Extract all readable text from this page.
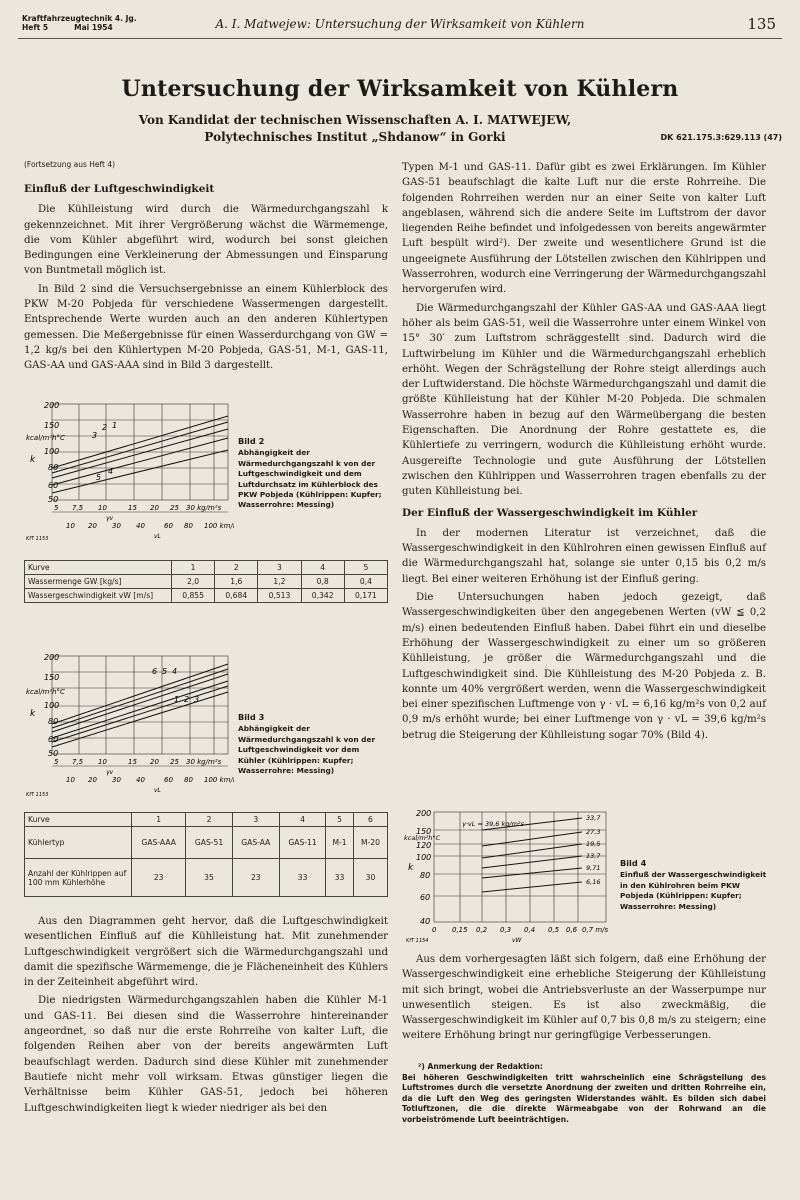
Kraftfahrzeugtechnik 4. Jg.
Heft 5          Mai 1954	A. I. Matwejew: Untersuchung der Wirksamkeit von Kühlern	135
Untersuchung der Wirksamkeit von Kühlern
Von Kandidat der technischen Wissenschaften A. I. MATWEJEW,
Polytechnisches Institut „Shdanow“ in Gorki	DK 621.175.3:629.113 (47)
(Fortsetzung aus Heft 4)
Einfluß der Luftgeschwindigkeit

Die Kühlleistung wird durch die Wärmedurchgangszahl k gekennzeichnet. Mit ihrer Vergrößerung wächst die Wärmemenge, die vom Kühler abgeführt wird, wodurch bei sonst gleichen Bedingungen eine Verkleinerung der Abmessungen und Einsparung von Buntmetall möglich ist.

In Bild 2 sind die Versuchsergebnisse an einem Kühlerblock des PKW M-20 Pobjeda für verschiedene Wassermengen dargestellt. Entsprechende Werte wurden auch an den anderen Kühlertypen gemessen. Die Meßergebnisse für einen Wasserdurchgang von GW = 1,2 kg/s bei den Kühlertypen M-20 Pobjeda, GAS-51, M-1, GAS-11, GAS-AA und GAS-AAA sind in Bild 3 dargestellt.

200
150
100
80
60
50
kcal/m²h°C
k
1
2
3
4
5
5 7,5 10	15 20 25 30 kg/m²s
γv
10 20 30 40	60 80 100 km/h
vL
KfT 1153
Bild 2
Abhängigkeit der Wärmedurchgangszahl k von der Luftgeschwindigkeit und dem Luftdurchsatz im Kühlerblock des PKW Pobjeda (Kühlrippen: Kupfer; Wasserrohre: Messing)
Kurve	1	2	3	4	5
Wassermenge GW [kg/s]	2,0	1,6	1,2	0,8	0,4
Wassergeschwindigkeit vW [m/s]	0,855	0,684	0,513	0,342	0,171
200
150
100
80
60
50
kcal/m²h°C
k
6 5 4
1 2 3
5 7,5 10	15 20 25 30 kg/m²s
γv
10 20 30 40	60 80 100 km/h
vL
KfT 1153
Bild 3
Abhängigkeit der Wärmedurchgangszahl k von der Luftgeschwindigkeit vor dem Kühler (Kühlrippen: Kupfer; Wasserrohre: Messing)
Kurve	1	2	3	4	5	6
Kühlertyp	GAS-AAA	GAS-51	GAS-AA	GAS-11	M-1	M-20
Anzahl der Kühlrippen auf 100 mm Kühlerhöhe	23	35	23	33	33	30

Aus den Diagrammen geht hervor, daß die Luftgeschwindigkeit wesentlichen Einfluß auf die Kühlleistung hat. Mit zunehmender Luftgeschwindigkeit vergrößert sich die Wärmedurchgangszahl und damit die spezifische Wärmemenge, die je Flächeneinheit des Kühlers in der Zeiteinheit abgeführt wird.

Die niedrigsten Wärmedurchgangszahlen haben die Kühler M-1 und GAS-11. Bei diesen sind die Wasserrohre hintereinander angeordnet, so daß nur die erste Rohrreihe von kalter Luft, die folgenden Reihen aber von der bereits angewärmten Luft beaufschlagt werden. Dadurch sind diese Kühler mit zunehmender Bautiefe nicht mehr voll wirksam. Etwas günstiger liegen die Verhältnisse beim Kühler GAS-51, jedoch bei höheren Luftgeschwindigkeiten liegt k wieder niedriger als bei den

Typen M-1 und GAS-11. Dafür gibt es zwei Erklärungen. Im Kühler GAS-51 beaufschlagt die kalte Luft nur die erste Rohrreihe. Die folgenden Rohrreihen werden nur an einer Seite von kalter Luft angeblasen, während sich die andere Seite im Luftstrom der davor liegenden Reihe befindet und infolgedessen von bereits angewärmter Luft bespült wird²). Der zweite und wesentlichere Grund ist die ungeeignete Ausführung der Lötstellen zwischen den Kühlrippen und Wasserrohren, wodurch eine Verringerung der Wärmedurchgangszahl hervorgerufen wird.

Die Wärmedurchgangszahl der Kühler GAS-AA und GAS-AAA liegt höher als beim GAS-51, weil die Wasserrohre unter einem Winkel von 15° 30′ zum Luftstrom schräggestellt sind. Dadurch wird die Luftwirbelung im Kühler und die Wärmedurchgangszahl erheblich erhöht. Wegen der Schrägstellung der Rohre steigt allerdings auch der Luftwiderstand. Die höchste Wärmedurchgangszahl und damit die größte Kühlleistung hat der Kühler M-20 Pobjeda. Die schmalen Wasserrohre haben in bezug auf den Wärmeübergang die besten Eigenschaften. Die Anordnung der Rohre gestattete es, die Kühlertiefe zu verringern, wodurch die Kühlleistung erhöht wurde. Ausgereifte Technologie und gute Ausführung der Lötstellen zwischen den Kühlrippen und Wasserrohren tragen ebenfalls zu der guten Kühlleistung bei.

Der Einfluß der Wassergeschwindigkeit im Kühler

In der modernen Literatur ist verzeichnet, daß die Wassergeschwindigkeit in den Kühlrohren einen gewissen Einfluß auf die Wärmedurchgangszahl hat, solange sie unter 0,15 bis 0,2 m/s liegt. Bei einer weiteren Erhöhung ist der Einfluß gering.

Die Untersuchungen haben jedoch gezeigt, daß Wassergeschwindigkeiten über den angegebenen Werten (vW ≦ 0,2 m/s) einen bedeutenden Einfluß haben. Dabei führt ein und dieselbe Erhöhung der Wassergeschwindigkeit zu einer um so größeren Kühlleistung, je größer die Wärmedurchgangszahl und die Luftgeschwindigkeit sind. Die Kühlleistung des M-20 Pobjeda z. B. konnte um 40% vergrößert werden, wenn die Wassergeschwindigkeit bei einer spezifischen Luftmenge von γ · vL = 6,16 kg/m²s von 0,2 auf 0,9 m/s erhöht wurde; bei einer Luftmenge von γ · vL = 39,6 kg/m²s betrug die Steigerung der Kühlleistung sogar 70% (Bild 4).

200
150
120
100
80
60
40
kcal/m²h°C
k
γ·vL = 39,6 kg/m²s
33,7
27,3
19,5
13,7
9,71
6,16
0 0,15 0,2 0,3 0,4 0,5 0,6 0,7 m/s
vW
KfT 1154
Bild 4
Einfluß der Wassergeschwindigkeit in den Kühlrohren beim PKW Pobjeda (Kühlrippen: Kupfer; Wasserrohre: Messing)

Aus dem vorhergesagten läßt sich folgern, daß eine Erhöhung der Wassergeschwindigkeit eine erhebliche Steigerung der Kühlleistung mit sich bringt, wobei die Antriebsverluste an der Wasserpumpe nur unwesentlich steigen. Es ist also zweckmäßig, die Wassergeschwindigkeit im Kühler auf 0,7 bis 0,8 m/s zu steigern; eine weitere Erhöhung bringt nur geringfügige Verbesserungen.

²) Anmerkung der Redaktion:
Bei höheren Geschwindigkeiten tritt wahrscheinlich eine Schrägstellung des Luftstromes durch die versetzte Anordnung der zweiten und dritten Rohrreihe ein, da die Luft den Weg des geringsten Widerstandes wählt. Es bilden sich dabei Totluftzonen, die die direkte Wärmeabgabe von der Rohrwand an die vorbeiströmende Luft beeinträchtigen.
